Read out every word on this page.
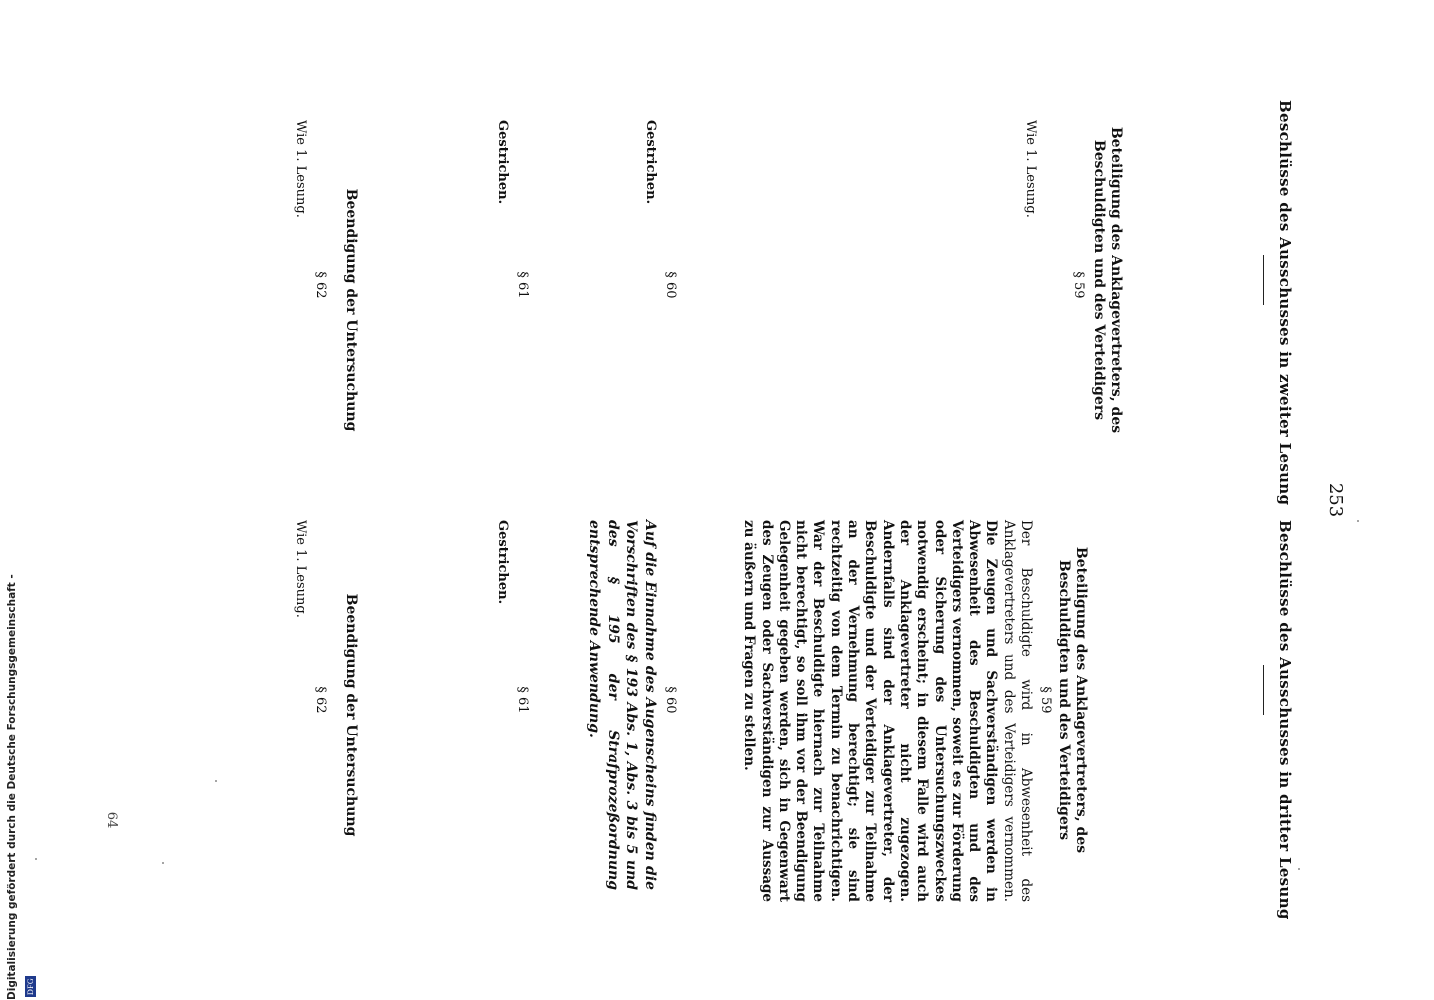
253
Beschlüsse des Ausschusses in zweiter Lesung
Beschlüsse des Ausschusses in dritter Lesung
Beteiligung des Anklagevertreters, des Beschuldigten und des Verteidigers
§ 59
Wie 1. Lesung.
§ 60
Gestrichen.
§ 61
Gestrichen.
Beendigung der Untersuchung
§ 62
Wie 1. Lesung.
Beteiligung des Anklagevertreters, des Beschuldigten und des Verteidigers
§ 59
Der Beschuldigte wird in Abwesenheit des Anklagevertreters und des Verteidigers vernommen. Die Zeugen und Sachverständigen werden in Abwesenheit des Beschuldigten und des Verteidigers vernommen, soweit es zur Förderung oder Sicherung des Untersuchungszweckes notwendig erscheint; in diesem Falle wird auch der Anklagevertreter nicht zugezogen. Andernfalls sind der Anklagevertreter, der Beschuldigte und der Verteidiger zur Teilnahme an der Vernehmung berechtigt; sie sind rechtzeitig von dem Termin zu benachrichtigen. War der Beschuldigte hiernach zur Teilnahme nicht berechtigt, so soll ihm vor der Beendigung Gelegenheit gegeben werden, sich in Gegenwart des Zeugen oder Sachverständigen zur Aussage zu äußern und Fragen zu stellen.
§ 60
Auf die Einnahme des Augenscheins finden die Vorschriften des § 193 Abs. 1, Abs. 3 bis 5 und des § 195 der Strafprozeßordnung entsprechende Anwendung.
§ 61
Gestrichen.
Beendigung der Untersuchung
§ 62
Wie 1. Lesung.
64
Digitalisierung gefördert durch die Deutsche Forschungsgemeinschaft - DFG
